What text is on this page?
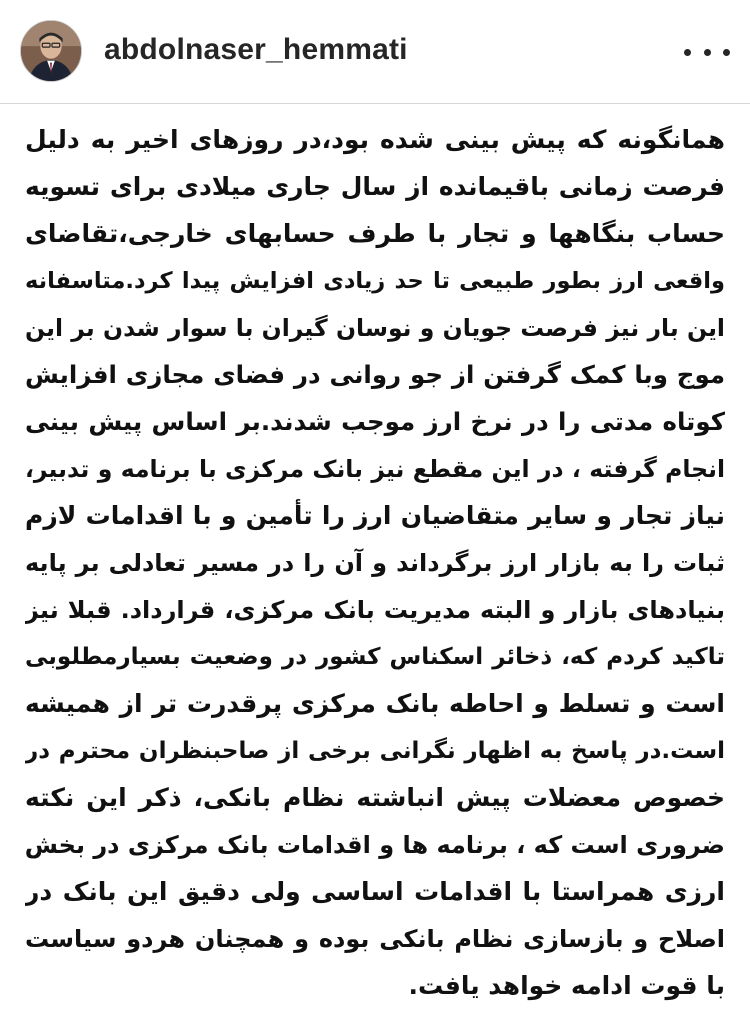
abdolnaser_hemmati
همانگونه که پیش بینی شده بود،در روزهای اخیر به دلیل
فرصت زمانی باقیمانده از سال جاری میلادی برای تسویه
حساب بنگاهها و تجار با طرف حسابهای خارجی،تقاضای
واقعی ارز بطور طبیعی تا حد زیادی افزایش پیدا کرد.متاسفانه
این بار نیز فرصت جویان و نوسان گیران با سوار شدن بر این
موج وبا کمک گرفتن از جو روانی در فضای مجازی افزایش
کوتاه مدتی را در نرخ ارز موجب شدند.بر اساس پیش بینی
انجام گرفته ، در این مقطع نیز بانک مرکزی با برنامه و تدبیر،
نیاز تجار و سایر متقاضیان ارز را تأمین و با اقدامات لازم
ثبات را به بازار ارز برگرداند و آن را در مسیر تعادلی بر پایه
بنیادهای بازار و البته مدیریت بانک مرکزی، قرارداد. قبلا نیز
تاکید کردم که، ذخائر اسکناس کشور در وضعیت بسیارمطلوبی
است و تسلط و احاطه بانک مرکزی پرقدرت تر از همیشه
است.در پاسخ به اظهار نگرانی برخی از صاحبنظران محترم در
خصوص معضلات پیش انباشته نظام بانکی، ذکر این نکته
ضروری است که ، برنامه ها و اقدامات بانک مرکزی در بخش
ارزی همراستا با اقدامات اساسی ولی دقیق این بانک در
اصلاح و بازسازی نظام بانکی بوده و همچنان هردو سیاست
با قوت ادامه خواهد یافت.
